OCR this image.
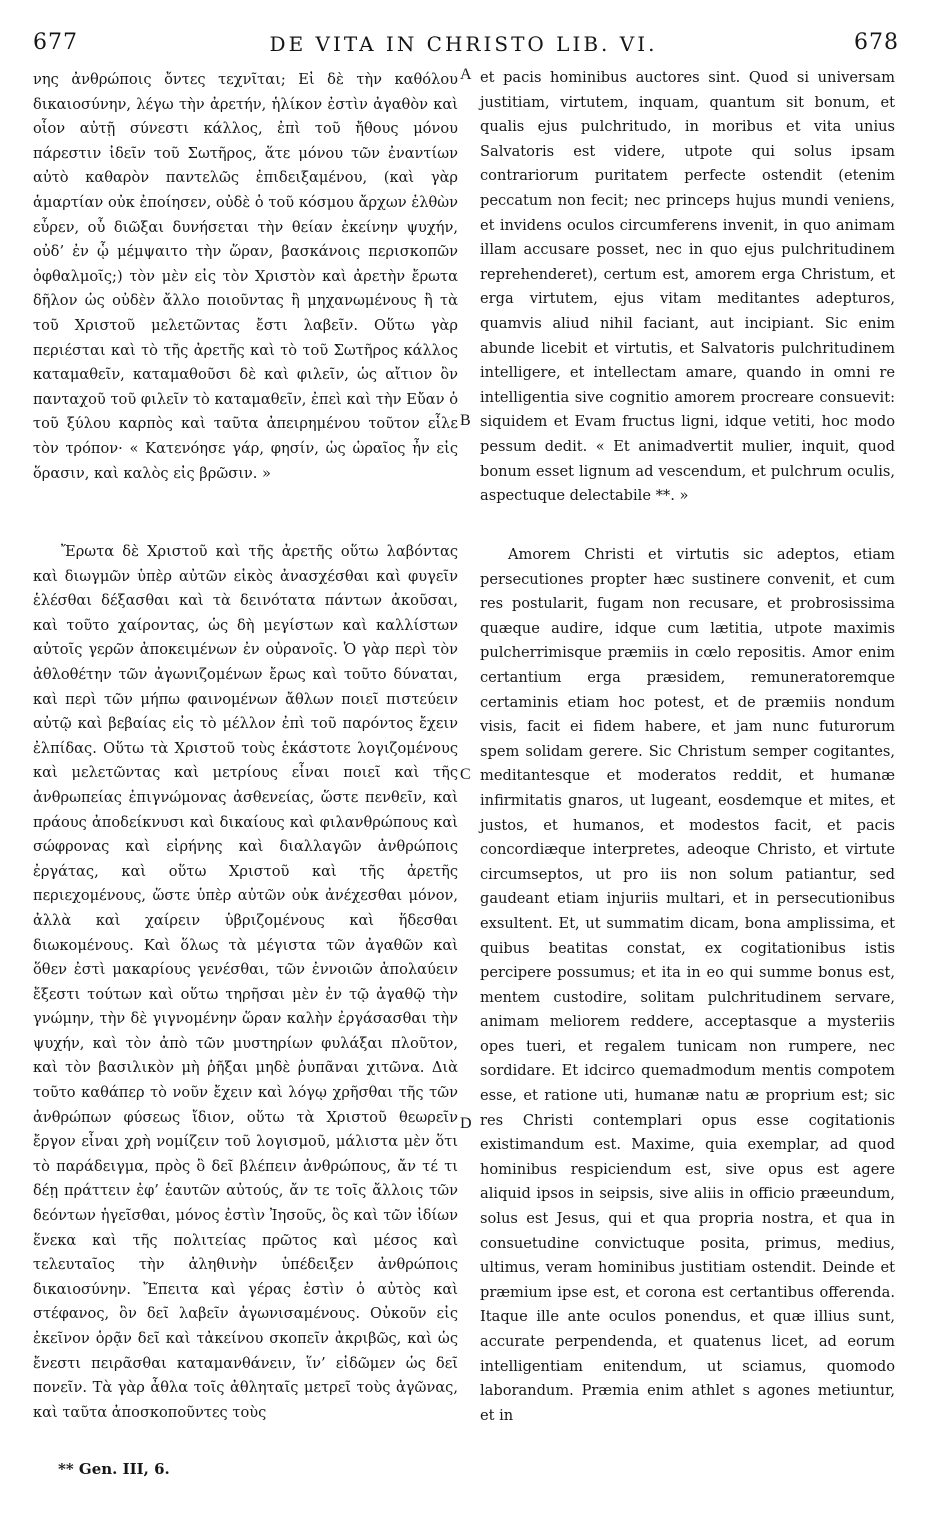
677	DE VITA IN CHRISTO LIB. VI.	678

νης ἀνθρώποις ὄντες τεχνῖται; Εἰ δὲ τὴν καθόλου δικαιοσύνην, λέγω τὴν ἀρετήν, ἡλίκον ἐστὶν ἀγαθὸν καὶ οἷον αὐτῇ σύνεστι κάλλος, ἐπὶ τοῦ ἤθους μόνου πάρεστιν ἰδεῖν τοῦ Σωτῆρος, ἅτε μόνου τῶν ἐναντίων αὐτὸ καθαρὸν παντελῶς ἐπιδειξαμένου, (καὶ γὰρ ἁμαρτίαν οὐκ ἐποίησεν, οὐδὲ ὁ τοῦ κόσμου ἄρχων ἐλθὼν εὗρεν, οὗ διῶξαι δυνήσεται τὴν θείαν ἐκείνην ψυχήν, οὐδ’ ἐν ᾧ μέμψαιτο τὴν ὥραν, βασκάνοις περισκοπῶν ὀφθαλμοῖς;) τὸν μὲν εἰς τὸν Χριστὸν καὶ ἀρετὴν ἔρωτα δῆλον ὡς οὐδὲν ἄλλο ποιοῦντας ἢ μηχανωμένους ἢ τὰ τοῦ Χριστοῦ μελετῶντας ἔστι λαβεῖν. Οὕτω γὰρ περιέσται καὶ τὸ τῆς ἀρετῆς καὶ τὸ τοῦ Σωτῆρος κάλλος καταμαθεῖν, καταμαθοῦσι δὲ καὶ φιλεῖν, ὡς αἴτιον ὂν πανταχοῦ τοῦ φιλεῖν τὸ καταμαθεῖν, ἐπεὶ καὶ τὴν Εὔαν ὁ τοῦ ξύλου καρπὸς καὶ ταῦτα ἀπειρημένου τοῦτον εἷλε τὸν τρόπον· « Κατενόησε γάρ, φησίν, ὡς ὡραῖος ἦν εἰς ὅρασιν, καὶ καλὸς εἰς βρῶσιν. »

Ἔρωτα δὲ Χριστοῦ καὶ τῆς ἀρετῆς οὕτω λαβόντας καὶ διωγμῶν ὑπὲρ αὐτῶν εἰκὸς ἀνασχέσθαι καὶ φυγεῖν ἑλέσθαι δέξασθαι καὶ τὰ δεινότατα πάντων ἀκοῦσαι, καὶ τοῦτο χαίροντας, ὡς δὴ μεγίστων καὶ καλλίστων αὐτοῖς γερῶν ἀποκειμένων ἐν οὐρανοῖς. Ὁ γὰρ περὶ τὸν ἀθλοθέτην τῶν ἀγωνιζομένων ἔρως καὶ τοῦτο δύναται, καὶ περὶ τῶν μήπω φαινομένων ἄθλων ποιεῖ πιστεύειν αὐτῷ καὶ βεβαίας εἰς τὸ μέλλον ἐπὶ τοῦ παρόντος ἔχειν ἐλπίδας. Οὕτω τὰ Χριστοῦ τοὺς ἑκάστοτε λογιζομένους καὶ μελετῶντας καὶ μετρίους εἶναι ποιεῖ καὶ τῆς ἀνθρωπείας ἐπιγνώμονας ἀσθενείας, ὥστε πενθεῖν, καὶ πράους ἀποδείκνυσι καὶ δικαίους καὶ φιλανθρώπους καὶ σώφρονας καὶ εἰρήνης καὶ διαλλαγῶν ἀνθρώποις ἐργάτας, καὶ οὕτω Χριστοῦ καὶ τῆς ἀρετῆς περιεχομένους, ὥστε ὑπὲρ αὐτῶν οὐκ ἀνέχεσθαι μόνον, ἀλλὰ καὶ χαίρειν ὑβριζομένους καὶ ἥδεσθαι διωκομένους. Καὶ ὅλως τὰ μέγιστα τῶν ἀγαθῶν καὶ ὅθεν ἐστὶ μακαρίους γενέσθαι, τῶν ἐννοιῶν ἀπολαύειν ἔξεστι τούτων καὶ οὕτω τηρῆσαι μὲν ἐν τῷ ἀγαθῷ τὴν γνώμην, τὴν δὲ γιγνομένην ὥραν καλὴν ἐργάσασθαι τὴν ψυχήν, καὶ τὸν ἀπὸ τῶν μυστηρίων φυλάξαι πλοῦτον, καὶ τὸν βασιλικὸν μὴ ῥῆξαι μηδὲ ῥυπᾶναι χιτῶνα. Διὰ τοῦτο καθάπερ τὸ νοῦν ἔχειν καὶ λόγῳ χρῆσθαι τῆς τῶν ἀνθρώπων φύσεως ἴδιον, οὕτω τὰ Χριστοῦ θεωρεῖν ἔργον εἶναι χρὴ νομίζειν τοῦ λογισμοῦ, μάλιστα μὲν ὅτι τὸ παράδειγμα, πρὸς ὃ δεῖ βλέπειν ἀνθρώπους, ἄν τέ τι δέῃ πράττειν ἐφ’ ἑαυτῶν αὐτούς, ἄν τε τοῖς ἄλλοις τῶν δεόντων ἡγεῖσθαι, μόνος ἐστὶν Ἰησοῦς, ὃς καὶ τῶν ἰδίων ἕνεκα καὶ τῆς πολιτείας πρῶτος καὶ μέσος καὶ τελευταῖος τὴν ἀληθινὴν ὑπέδειξεν ἀνθρώποις δικαιοσύνην. Ἔπειτα καὶ γέρας ἐστὶν ὁ αὐτὸς καὶ στέφανος, ὃν δεῖ λαβεῖν ἀγωνισαμένους. Οὐκοῦν εἰς ἐκεῖνον ὁρᾷν δεῖ καὶ τἀκείνου σκοπεῖν ἀκριβῶς, καὶ ὡς ἔνεστι πειρᾶσθαι καταμανθάνειν, ἵν’ εἰδῶμεν ὡς δεῖ πονεῖν. Τὰ γὰρ ἆθλα τοῖς ἀθληταῖς μετρεῖ τοὺς ἀγῶνας, καὶ ταῦτα ἀποσκοποῦντες τοὺς

A
B
C
D

et pacis hominibus auctores sint. Quod si universam justitiam, virtutem, inquam, quantum sit bonum, et qualis ejus pulchritudo, in moribus et vita unius Salvatoris est videre, utpote qui solus ipsam contrariorum puritatem perfecte ostendit (etenim peccatum non fecit; nec princeps hujus mundi veniens, et invidens oculos circumferens invenit, in quo animam illam accusare posset, nec in quo ejus pulchritudinem reprehenderet), certum est, amorem erga Christum, et erga virtutem, ejus vitam meditantes adepturos, quamvis aliud nihil faciant, aut incipiant. Sic enim abunde licebit et virtutis, et Salvatoris pulchritudinem intelligere, et intellectam amare, quando in omni re intelligentia sive cognitio amorem procreare consuevit: siquidem et Evam fructus ligni, idque vetiti, hoc modo pessum dedit. « Et animadvertit mulier, inquit, quod bonum esset lignum ad vescendum, et pulchrum oculis, aspectuque delectabile **. »

Amorem Christi et virtutis sic adeptos, etiam persecutiones propter hæc sustinere convenit, et cum res postularit, fugam non recusare, et probrosissima quæque audire, idque cum lætitia, utpote maximis pulcherrimisque præmiis in cœlo repositis. Amor enim certantium erga præsidem, remuneratoremque certaminis etiam hoc potest, et de præmiis nondum visis, facit ei fidem habere, et jam nunc futurorum spem solidam gerere. Sic Christum semper cogitantes, meditantesque et moderatos reddit, et humanæ infirmitatis gnaros, ut lugeant, eosdemque et mites, et justos, et humanos, et modestos facit, et pacis concordiæque interpretes, adeoque Christo, et virtute circumseptos, ut pro iis non solum patiantur, sed gaudeant etiam injuriis multari, et in persecutionibus exsultent. Et, ut summatim dicam, bona amplissima, et quibus beatitas constat, ex cogitationibus istis percipere possumus; et ita in eo qui summe bonus est, mentem custodire, solitam pulchritudinem servare, animam meliorem reddere, acceptasque a mysteriis opes tueri, et regalem tunicam non rumpere, nec sordidare. Et idcirco quemadmodum mentis compotem esse, et ratione uti, humanæ natu æ proprium est; sic res Christi contemplari opus esse cogitationis existimandum est. Maxime, quia exemplar, ad quod hominibus respiciendum est, sive opus est agere aliquid ipsos in seipsis, sive aliis in officio præeundum, solus est Jesus, qui et qua propria nostra, et qua in consuetudine convictuque posita, primus, medius, ultimus, veram hominibus justitiam ostendit. Deinde et præmium ipse est, et corona est certantibus offerenda. Itaque ille ante oculos ponendus, et quæ illius sunt, accurate perpendenda, et quatenus licet, ad eorum intelligentiam enitendum, ut sciamus, quomodo laborandum. Præmia enim athlet s agones metiuntur, et in

** Gen. III, 6.
